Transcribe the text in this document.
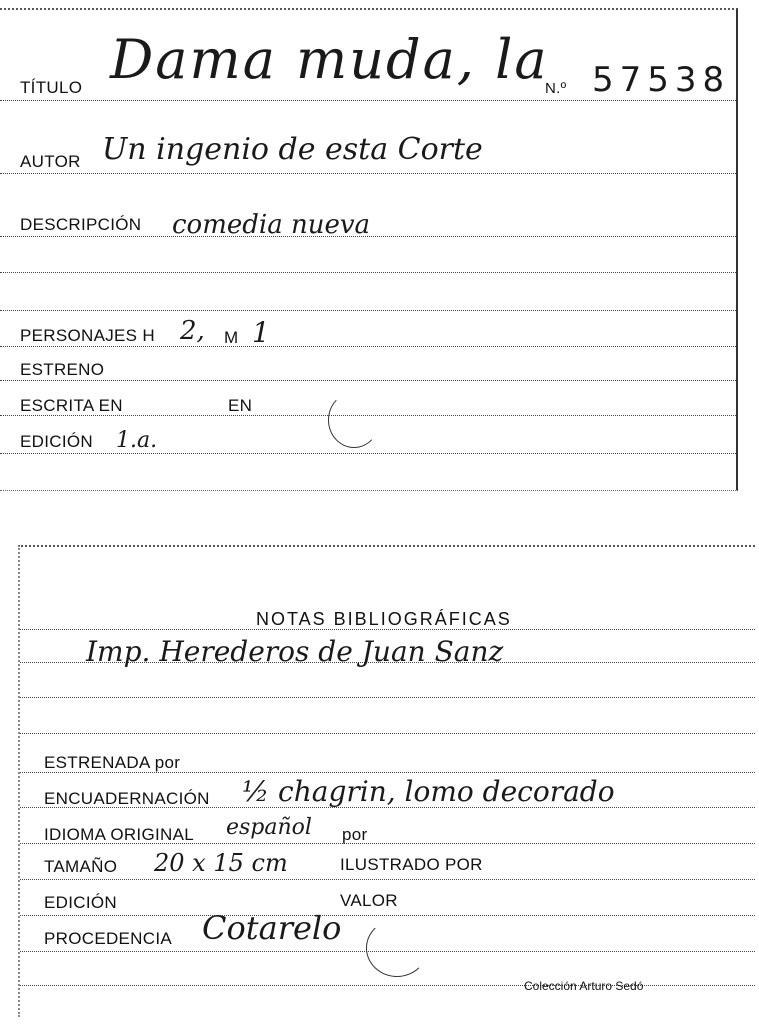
TÍTULO Dama muda, la
N.º 57538
AUTOR Un ingenio de esta Corte
DESCRIPCIÓN comedia nueva
PERSONAJES H 2, M 1
ESTRENO
ESCRITA EN	EN
EDICIÓN 1.a.
NOTAS BIBLIOGRÁFICAS
Imp. Herederos de Juan Sanz
ESTRENADA por
ENCUADERNACIÓN ½ chagrin, lomo decorado
IDIOMA ORIGINAL español por
TAMAÑO 20 x 15 cm	ILUSTRADO POR
EDICIÓN	VALOR
PROCEDENCIA Cotarelo
Colección Arturo Sedó
